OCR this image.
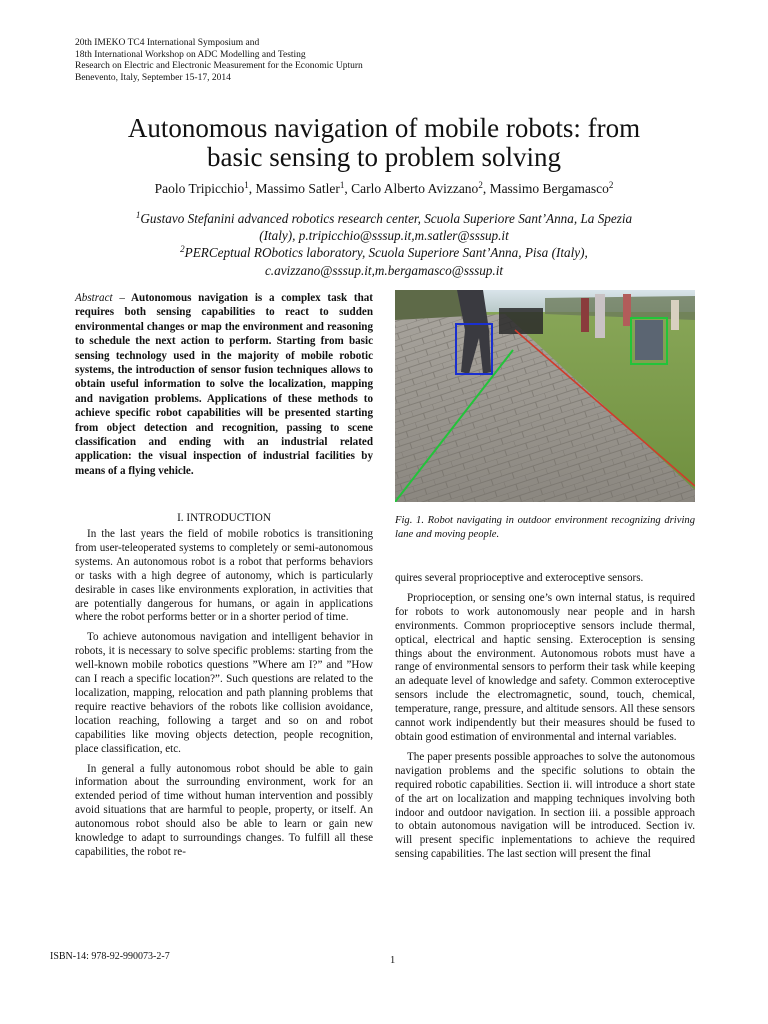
20th IMEKO TC4 International Symposium and
18th International Workshop on ADC Modelling and Testing
Research on Electric and Electronic Measurement for the Economic Upturn
Benevento, Italy, September 15-17, 2014
Autonomous navigation of mobile robots: from
basic sensing to problem solving
Paolo Tripicchio$^1$, Massimo Satler$^1$, Carlo Alberto Avizzano$^2$, Massimo Bergamasco$^2$
$^1$Gustavo Stefanini advanced robotics research center, Scuola Superiore Sant’Anna, La Spezia
(Italy), p.tripicchio@sssup.it,m.satler@sssup.it
$^2$PERCeptual RObotics laboratory, Scuola Superiore Sant’Anna, Pisa (Italy),
c.avizzano@sssup.it,m.bergamasco@sssup.it
Abstract – Autonomous navigation is a complex task that requires both sensing capabilities to react to sudden environmental changes or map the environment and reasoning to schedule the next action to perform. Starting from basic sensing technology used in the majority of mobile robotic systems, the introduction of sensor fusion techniques allows to obtain useful information to solve the localization, mapping and navigation problems. Applications of these methods to achieve specific robot capabilities will be presented starting from object detection and recognition, passing to scene classification and ending with an industrial related application: the visual inspection of industrial facilities by means of a flying vehicle.
I. INTRODUCTION

In the last years the field of mobile robotics is transitioning from user-teleoperated systems to completely or semi-autonomous systems. An autonomous robot is a robot that performs behaviors or tasks with a high degree of autonomy, which is particularly desirable in cases like environments exploration, in activities that are potentially dangerous for humans, or again in applications where the robot performs better or in a shorter period of time.

To achieve autonomous navigation and intelligent behavior in robots, it is necessary to solve specific problems: starting from the well-known mobile robotics questions ”Where am I?” and ”How can I reach a specific location?”. Such questions are related to the localization, mapping, relocation and path planning problems that require reactive behaviors of the robots like collision avoidance, location reaching, following a target and so on and robot capabilities like moving objects detection, people recognition, place classification, etc.

In general a fully autonomous robot should be able to gain information about the surrounding environment, work for an extended period of time without human intervention and possibly avoid situations that are harmful to people, property, or itself. An autonomous robot should also be able to learn or gain new knowledge to adapt to surroundings changes. To fulfill all these capabilities, the robot re-

Fig. 1. Robot navigating in outdoor environment recognizing driving lane and moving people.

quires several proprioceptive and exteroceptive sensors.

Proprioception, or sensing one’s own internal status, is required for robots to work autonomously near people and in harsh environments. Common proprioceptive sensors include thermal, optical, electrical and haptic sensing. Exteroception is sensing things about the environment. Autonomous robots must have a range of environmental sensors to perform their task while keeping an adequate level of knowledge and safety. Common exteroceptive sensors include the electromagnetic, sound, touch, chemical, temperature, range, pressure, and altitude sensors. All these sensors cannot work indipendently but their measures should be fused to obtain good estimation of environmental and internal variables.

The paper presents possible approaches to solve the autonomous navigation problems and the specific solutions to obtain the required robotic capabilities. Section ii. will introduce a short state of the art on localization and mapping techniques involving both indoor and outdoor navigation. In section iii. a possible approach to obtain autonomous navigation will be introduced. Section iv. will present specific inplementations to achieve the required sensing capabilities. The last section will present the final

ISBN-14: 978-92-990073-2-7	1
